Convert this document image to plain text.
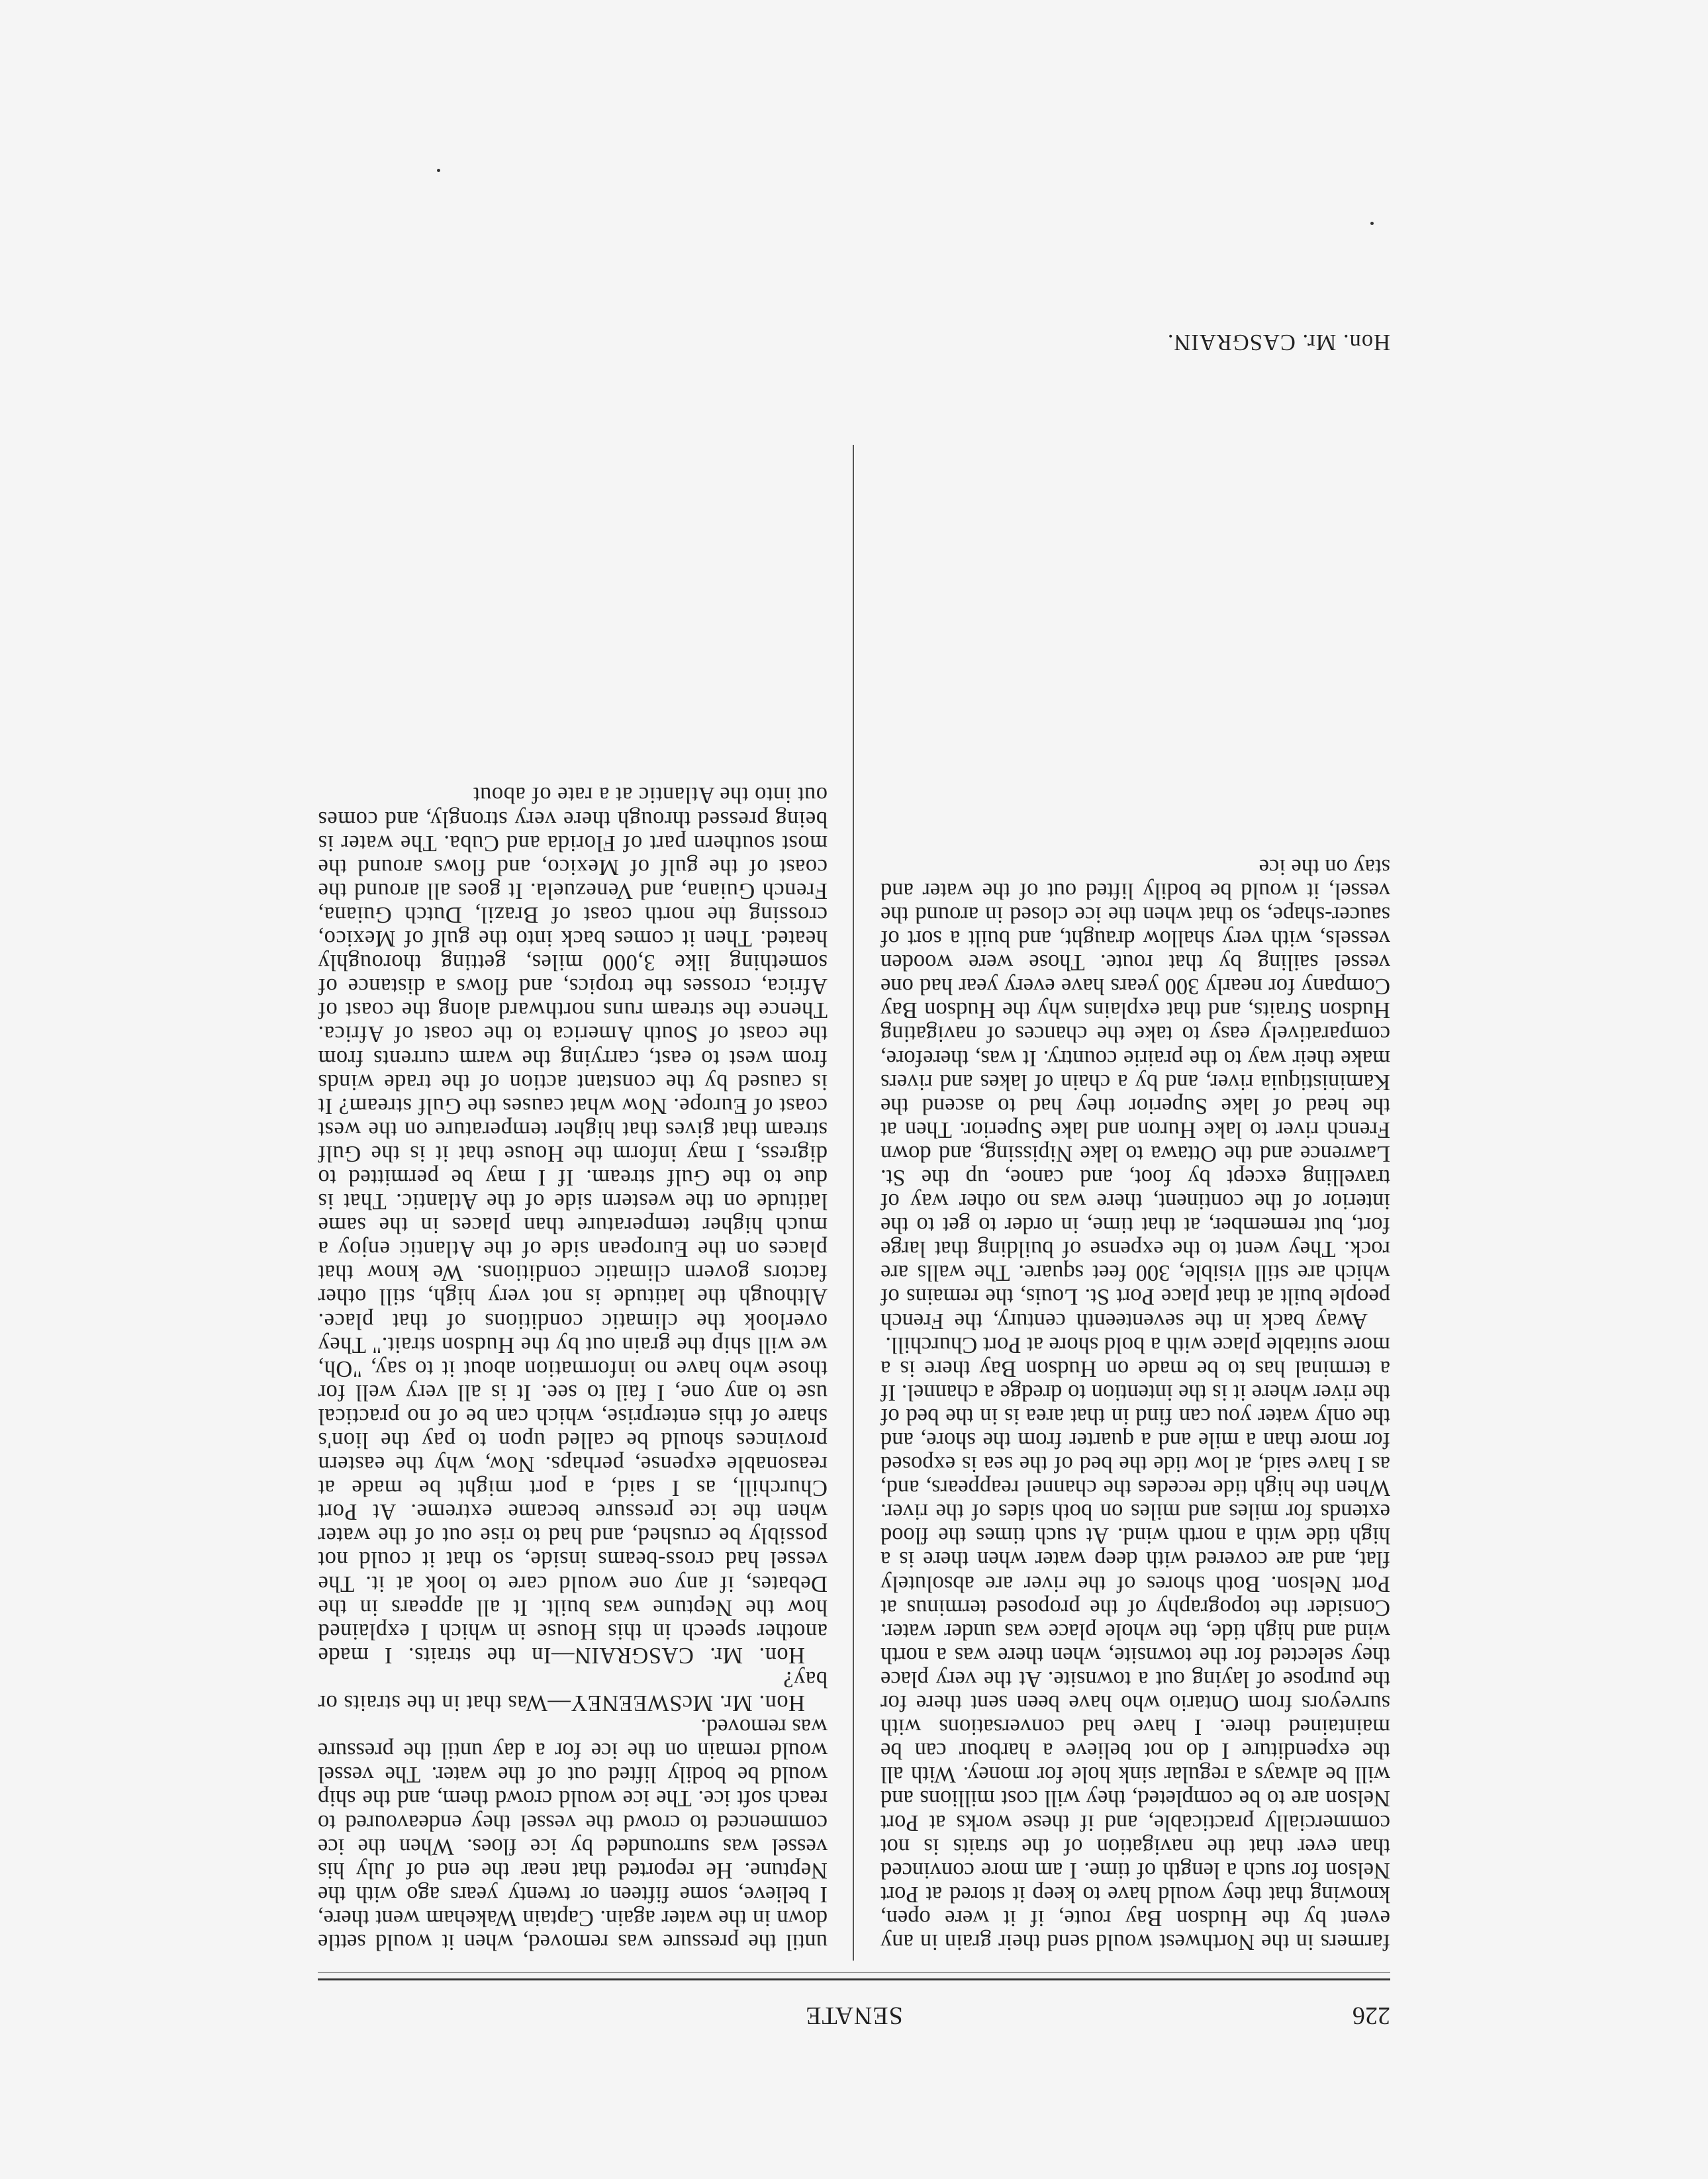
226
SENATE

farmers in the Northwest would send their grain in any event by the Hudson Bay route, if it were open, knowing that they would have to keep it stored at Port Nelson for such a length of time. I am more convinced than ever that the navigation of the straits is not commercially practicable, and if these works at Port Nelson are to be completed, they will cost millions and will be always a regular sink hole for money. With all the expenditure I do not believe a harbour can be maintained there. I have had conversations with surveyors from Ontario who have been sent there for the purpose of laying out a townsite. At the very place they selected for the townsite, when there was a north wind and high tide, the whole place was under water. Consider the topography of the proposed terminus at Port Nelson. Both shores of the river are absolutely flat, and are covered with deep water when there is a high tide with a north wind. At such times the flood extends for miles and miles on both sides of the river. When the high tide recedes the channel reappears, and, as I have said, at low tide the bed of the sea is exposed for more than a mile and a quarter from the shore, and the only water you can find in that area is in the bed of the river where it is the intention to dredge a channel. If a terminal has to be made on Hudson Bay there is a more suitable place with a bold shore at Port Churchill.

Away back in the seventeenth century, the French people built at that place Port St. Louis, the remains of which are still visible, 300 feet square. The walls are rock. They went to the expense of building that large fort, but remember, at that time, in order to get to the interior of the continent, there was no other way of travelling except by foot, and canoe, up the St. Lawrence and the Ottawa to lake Nipissing, and down French river to lake Huron and lake Superior. Then at the head of lake Superior they had to ascend the Kaministiquia river, and by a chain of lakes and rivers make their way to the prairie country. It was, therefore, comparatively easy to take the chances of navigating Hudson Straits, and that explains why the Hudson Bay Company for nearly 300 years have every year had one vessel sailing by that route. Those were wooden vessels, with very shallow draught, and built a sort of saucer-shape, so that when the ice closed in around the vessel, it would be bodily lifted out of the water and stay on the ice

until the pressure was removed, when it would settle down in the water again. Captain Wakeham went there, I believe, some fifteen or twenty years ago with the Neptune. He reported that near the end of July his vessel was surrounded by ice floes. When the ice commenced to crowd the vessel they endeavoured to reach soft ice. The ice would crowd them, and the ship would be bodily lifted out of the water. The vessel would remain on the ice for a day until the pressure was removed.

Hon. Mr. McSWEENEY—Was that in the straits or bay?

Hon. Mr. CASGRAIN—In the straits. I made another speech in this House in which I explained how the Neptune was built. It all appears in the Debates, if any one would care to look at it. The vessel had cross-beams inside, so that it could not possibly be crushed, and had to rise out of the water when the ice pressure became extreme. At Port Churchill, as I said, a port might be made at reasonable expense, perhaps. Now, why the eastern provinces should be called upon to pay the lion's share of this enterprise, which can be of no practical use to any one, I fail to see. It is all very well for those who have no information about it to say, "Oh, we will ship the grain out by the Hudson strait." They overlook the climatic conditions of that place. Although the latitude is not very high, still other factors govern climatic conditions. We know that places on the European side of the Atlantic enjoy a much higher temperature than places in the same latitude on the western side of the Atlantic. That is due to the Gulf stream. If I may be permitted to digress, I may inform the House that it is the Gulf stream that gives that higher temperature on the west coast of Europe. Now what causes the Gulf stream? It is caused by the constant action of the trade winds from west to east, carrying the warm currents from the coast of South America to the coast of Africa. Thence the stream runs northward along the coast of Africa, crosses the tropics, and flows a distance of something like 3,000 miles, getting thoroughly heated. Then it comes back into the gulf of Mexico, crossing the north coast of Brazil, Dutch Guiana, French Guiana, and Venezuela. It goes all around the coast of the gulf of Mexico, and flows around the most southern part of Florida and Cuba. The water is being pressed through there very strongly, and comes out into the Atlantic at a rate of about

Hon. Mr. CASGRAIN.
